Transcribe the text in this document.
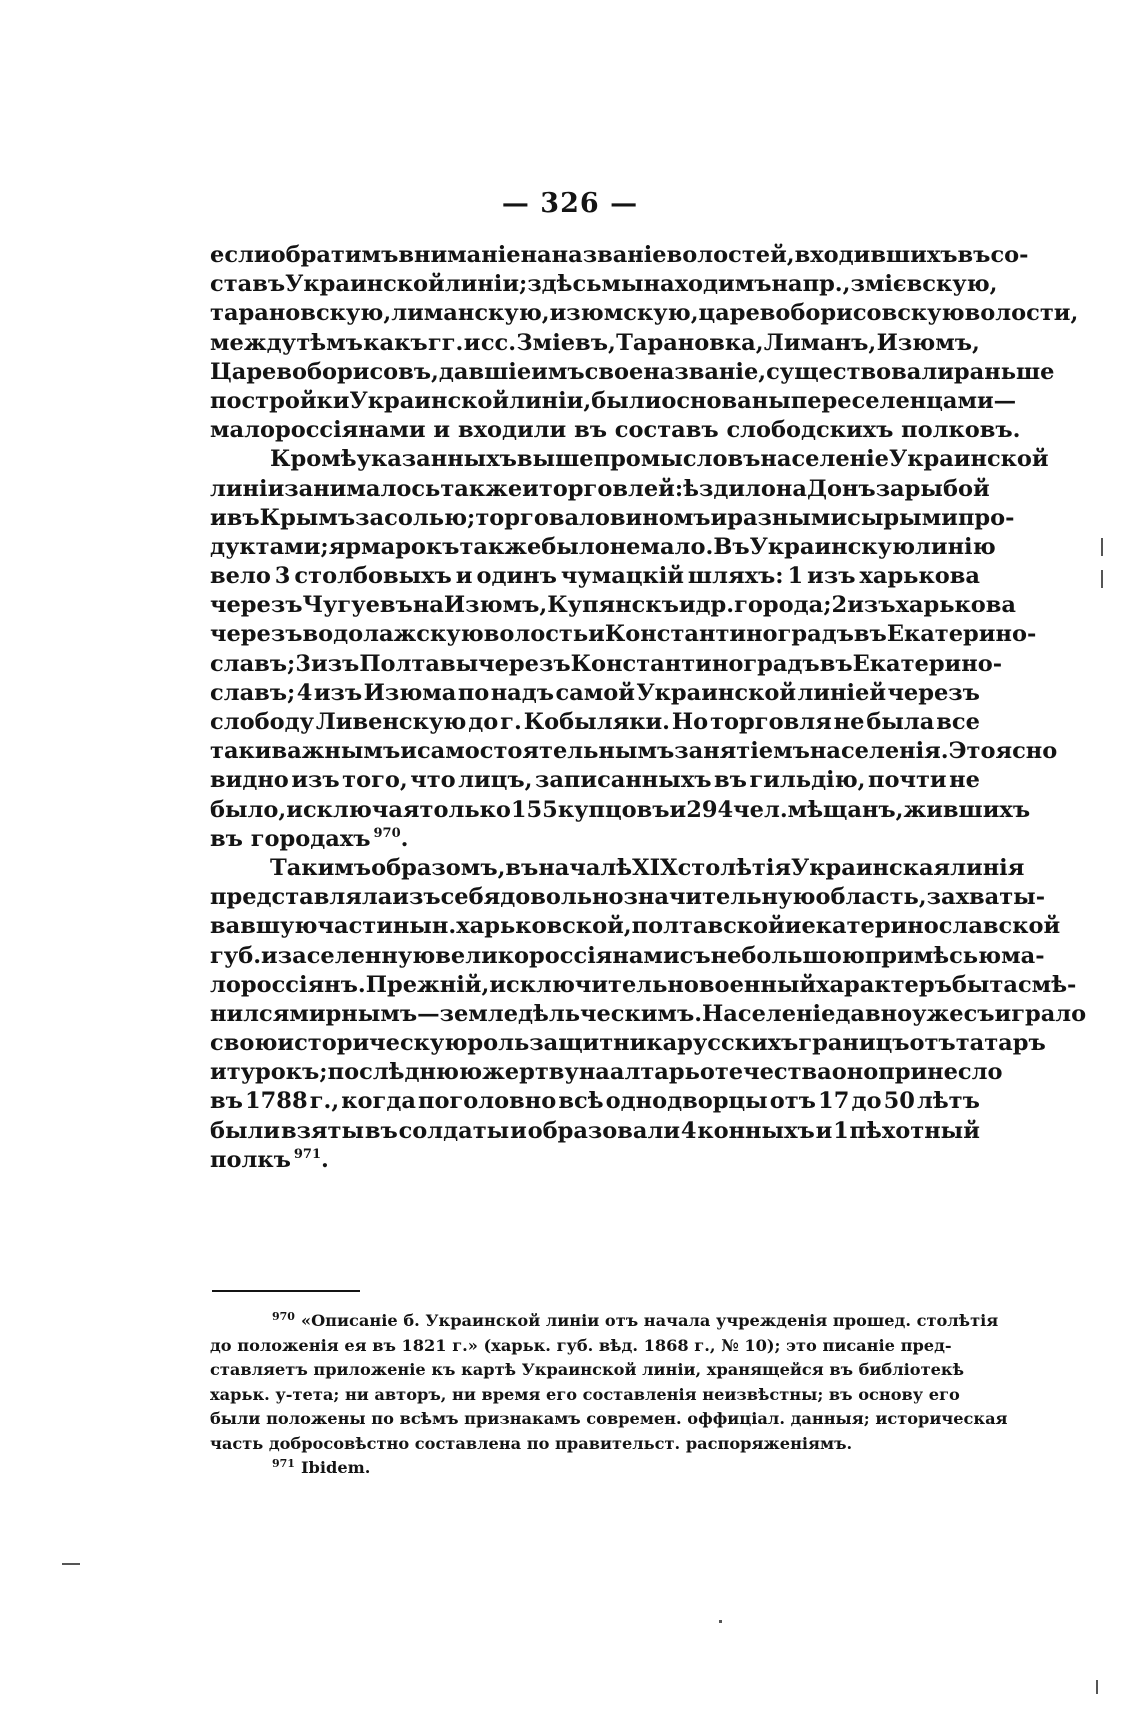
— 326 —
если обратимъ вниманіе на названіе волостей, входившихъ въ со-
ставъ Украинской линіи; здѣсь мы находимъ напр., змієвскую,
тарановскую, лиманскую, изюмскую, царевоборисовскую волости,
между тѣмъ какъ гг. и сс. Зміевъ, Тарановка, Лиманъ, Изюмъ,
Царевоборисовъ, давшіе имъ свое названіе, существовали раньше
постройки Украинской линіи, были основаны переселенцами—
малороссіянами и входили въ составъ слободскихъ полковъ.
Кромѣ указанныхъ выше промысловъ населеніе Украинской
линіи занималось также и торговлей: ѣздило на Донъ за рыбой
и въ Крымъ за солью; торговало виномъ и разными сырыми про-
дуктами; ярмарокъ также было не мало. Въ Украинскую линію
вело 3 столбовыхъ и одинъ чумацкій шляхъ: 1 изъ харькова
черезъ Чугуевъ на Изюмъ, Купянскъ и др. города; 2 изъ харькова
черезъ водолажскую волость и Константиноградъ въ Екатерино-
славъ; 3 изъ Полтавы черезъ Константиноградъ въ Екатерино-
славъ; 4 изъ Изюма по надъ самой Украинской линіей черезъ
слободу Ливенскую до г. Кобыляки. Но торговля не была все
таки важнымъ и самостоятельнымъ занятіемъ населенія. Это ясно
видно изъ того, что лицъ, записанныхъ въ гильдію, почти не
было, исключая только 155 купцовъ и 294 чел. мѣщанъ, жившихъ
въ городахъ $^{970}$.
Такимъ образомъ, въ началѣ XIX столѣтія Украинская линія
представляла изъ себя довольно значительную область, захваты-
вавшую части нын. харьковской, полтавской и екатеринославской
губ. и заселенную великороссіянами съ небольшою примѣсью ма-
лороссіянъ. Прежній, исключительно военный характеръ быта смѣ-
нился мирнымъ—земледѣльческимъ. Населеніе давно уже съиграло
свою историческую роль защитника русскихъ границъ отъ татаръ
и турокъ; послѣднюю жертву на алтарь отечества оно принесло
въ 1788 г., когда поголовно всѣ однодворцы отъ 17 до 50 лѣтъ
были взяты въ солдаты и образовали 4 конныхъ и 1 пѣхотный
полкъ $^{971}$.
$^{970}$ «Описаніе б. Украинской линіи отъ начала учрежденія прошед. столѣтія
до положенія ея въ 1821 г.» (харьк. губ. вѣд. 1868 г., № 10); это писаніе пред-
ставляетъ приложеніе къ картѣ Украинской линіи, хранящейся въ библіотекѣ
харьк. у-тета; ни авторъ, ни время его составленія неизвѣстны; въ основу его
были положены по всѣмъ признакамъ современ. оффиціал. данныя; историческая
часть добросовѣстно составлена по правительст. распоряженіямъ.
$^{971}$ Ibidem.
